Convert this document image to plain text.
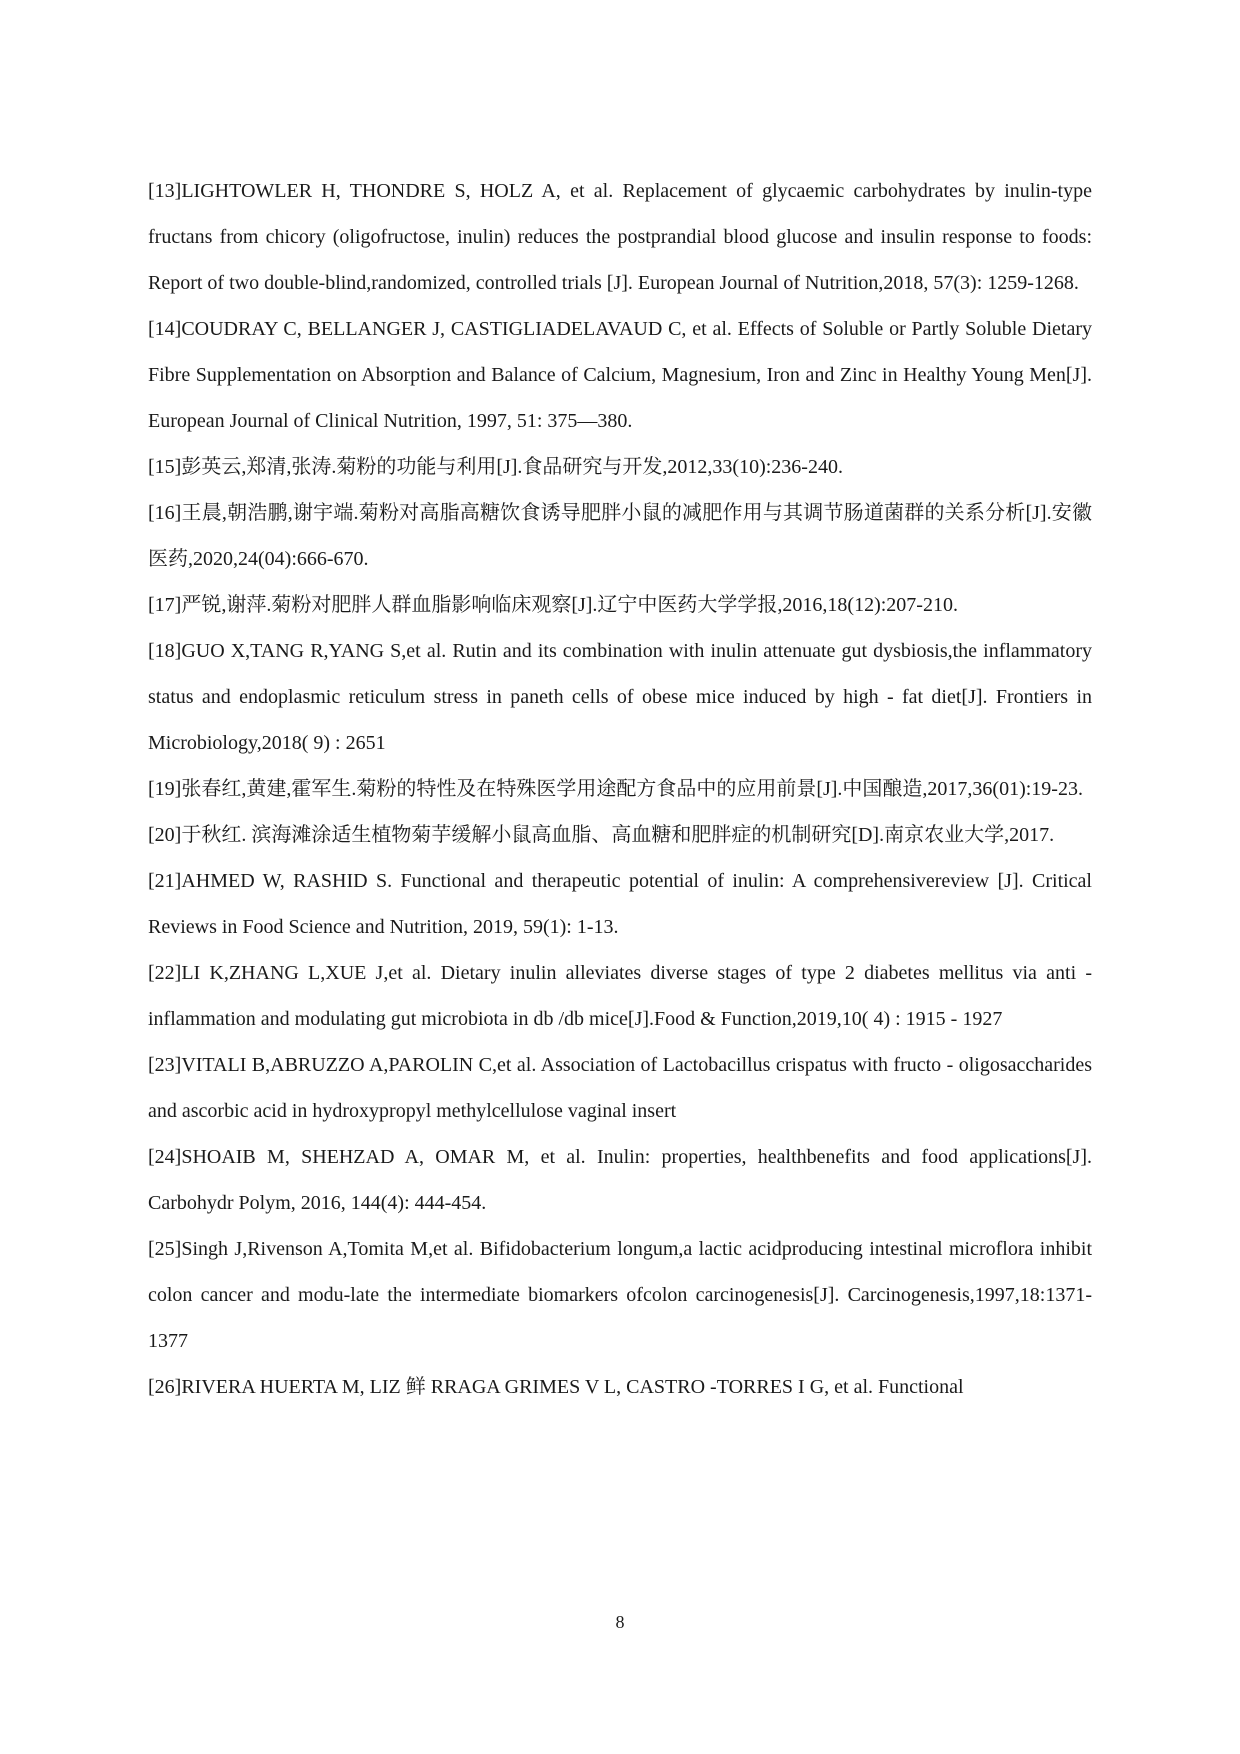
[13]LIGHTOWLER H, THONDRE S, HOLZ A, et al. Replacement of glycaemic carbohydrates by inulin-type fructans from chicory (oligofructose, inulin) reduces the postprandial blood glucose and insulin response to foods: Report of two double-blind,randomized, controlled trials [J]. European Journal of Nutrition,2018, 57(3): 1259-1268.

[14]COUDRAY C, BELLANGER J, CASTIGLIADELAVAUD C, et al. Effects of Soluble or Partly Soluble Dietary Fibre Supplementation on Absorption and Balance of Calcium, Magnesium, Iron and Zinc in Healthy Young Men[J]. European Journal of Clinical Nutrition, 1997, 51: 375—380.

[15]彭英云,郑清,张涛.菊粉的功能与利用[J].食品研究与开发,2012,33(10):236-240.

[16]王晨,朝浩鹏,谢宇端.菊粉对高脂高糖饮食诱导肥胖小鼠的减肥作用与其调节肠道菌群的关系分析[J].安徽医药,2020,24(04):666-670.

[17]严锐,谢萍.菊粉对肥胖人群血脂影响临床观察[J].辽宁中医药大学学报,2016,18(12):207-210.

[18]GUO X,TANG R,YANG S,et al. Rutin and its combination with inulin attenuate gut dysbiosis,the inflammatory status and endoplasmic reticulum stress in paneth cells of obese mice induced by high - fat diet[J]. Frontiers in Microbiology,2018( 9) : 2651

[19]张春红,黄建,霍军生.菊粉的特性及在特殊医学用途配方食品中的应用前景[J].中国酿造,2017,36(01):19-23.

[20]于秋红. 滨海滩涂适生植物菊芋缓解小鼠高血脂、高血糖和肥胖症的机制研究[D].南京农业大学,2017.

[21]AHMED W, RASHID S. Functional and therapeutic potential of inulin: A comprehensivereview [J]. Critical Reviews in Food Science and Nutrition, 2019, 59(1): 1-13.

[22]LI K,ZHANG L,XUE J,et al. Dietary inulin alleviates diverse stages of type 2 diabetes mellitus via anti - inflammation and modulating gut microbiota in db /db mice[J].Food & Function,2019,10( 4) : 1915 - 1927

[23]VITALI B,ABRUZZO A,PAROLIN C,et al. Association of Lactobacillus crispatus with fructo - oligosaccharides and ascorbic acid in hydroxypropyl methylcellulose vaginal insert

[24]SHOAIB M, SHEHZAD A, OMAR M, et al. Inulin: properties, healthbenefits and food applications[J]. Carbohydr Polym, 2016, 144(4): 444-454.

[25]Singh J,Rivenson A,Tomita M,et al. Bifidobacterium longum,a lactic acidproducing intestinal microflora inhibit colon cancer and modu-late the intermediate biomarkers ofcolon carcinogenesis[J]. Carcinogenesis,1997,18:1371-1377

[26]RIVERA HUERTA M, LIZ 鲜 RRAGA GRIMES V L, CASTRO -TORRES I G, et al. Functional

8
